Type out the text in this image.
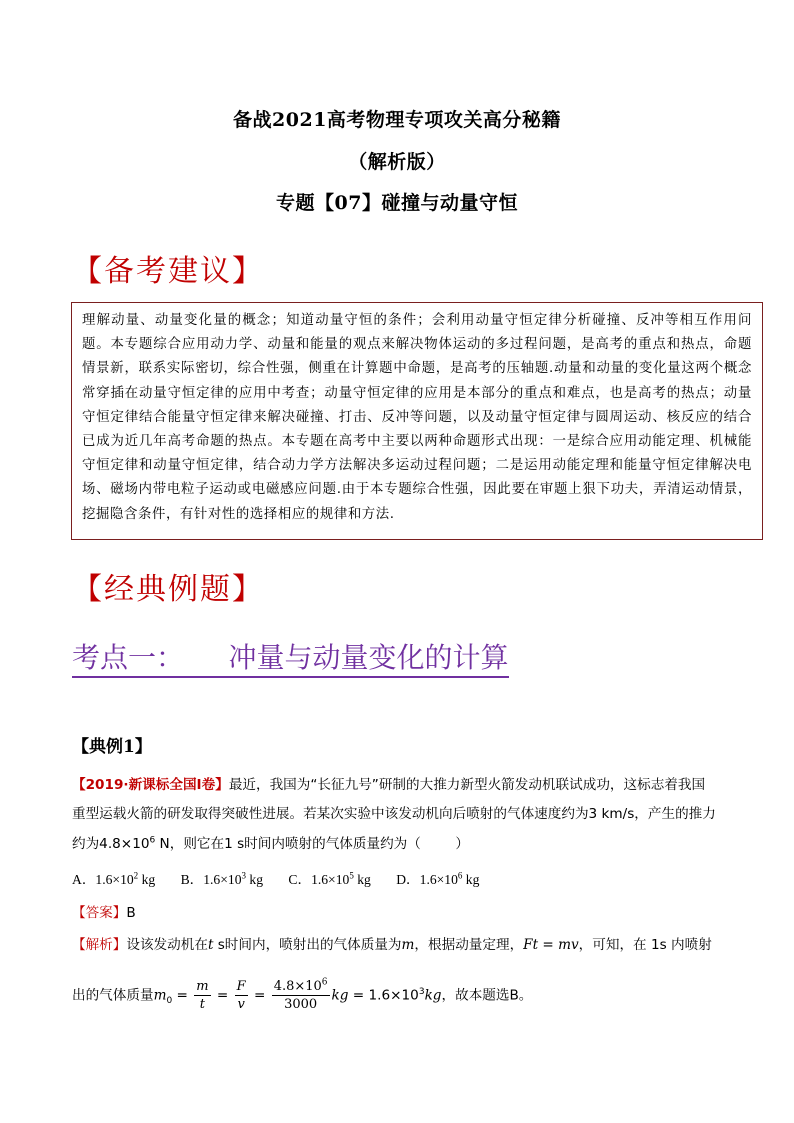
备战2021高考物理专项攻关高分秘籍
（解析版）
专题【07】碰撞与动量守恒
【备考建议】
理解动量、动量变化量的概念；知道动量守恒的条件；会利用动量守恒定律分析碰撞、反冲等相互作用问题。本专题综合应用动力学、动量和能量的观点来解决物体运动的多过程问题，是高考的重点和热点，命题情景新，联系实际密切，综合性强，侧重在计算题中命题，是高考的压轴题.动量和动量的变化量这两个概念常穿插在动量守恒定律的应用中考查；动量守恒定律的应用是本部分的重点和难点，也是高考的热点；动量守恒定律结合能量守恒定律来解决碰撞、打击、反冲等问题，以及动量守恒定律与圆周运动、核反应的结合已成为近几年高考命题的热点。本专题在高考中主要以两种命题形式出现：一是综合应用动能定理、机械能守恒定律和动量守恒定律，结合动力学方法解决多运动过程问题；二是运用动能定理和能量守恒定律解决电场、磁场内带电粒子运动或电磁感应问题.由于本专题综合性强，因此要在审题上狠下功夫，弄清运动情景，挖掘隐含条件，有针对性的选择相应的规律和方法.
【经典例题】
考点一：     冲量与动量变化的计算
【典例1】
【2019·新课标全国Ⅰ卷】最近，我国为“长征九号”研制的大推力新型火箭发动机联试成功，这标志着我国
重型运载火箭的研发取得突破性进展。若某次实验中该发动机向后喷射的气体速度约为3 km/s，产生的推力
约为$4.8\times 10^6$ N，则它在1 s时间内喷射的气体质量约为（        ）
A．$1.6\times 10^2$ kg B．$1.6\times 10^3$ kg C．$1.6\times 10^5$ kg D．$1.6\times 10^6$ kg
【答案】B
【解析】设该发动机在t s时间内，喷射出的气体质量为m，根据动量定理，Ft = mv，可知，在 1s 内喷射
出的气体质量$m_0 = \frac{m}{t} = \frac{F}{v} = \frac{4.8\times 10^6}{3000}$ kg = $1.6\times 10^3kg$，故本题选B。
